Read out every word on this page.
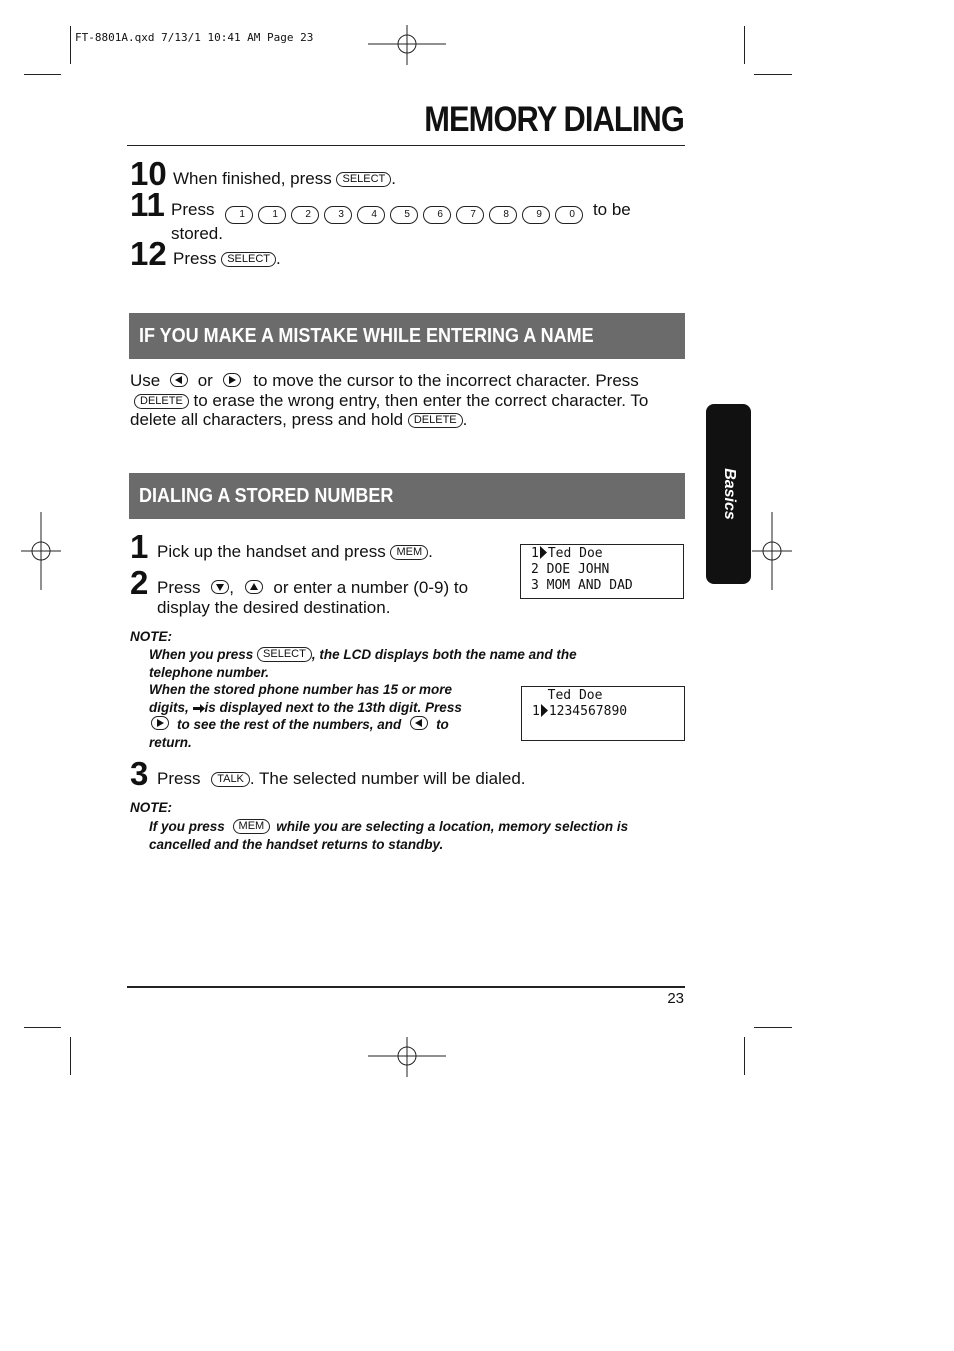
FT-8801A.qxd 7/13/1 10:41 AM Page 23
MEMORY DIALING
10 When finished, press SELECT .
11 Press 1	1	2	3	4	5	6	7	8	9	0 to be
stored.
12 Press SELECT .
IF YOU MAKE A MISTAKE WHILE ENTERING A NAME
Use or to move the cursor to the incorrect character. Press
DELETE to erase the wrong entry, then enter the correct character. To
delete all characters, press and hold DELETE .
DIALING A STORED NUMBER
1 Pick up the handset and press MEM .
2 Press , or enter a number (0-9) to
display the desired destination.
1 Ted Doe
2 DOE JOHN
3 MOM AND DAD
NOTE:
When you press SELECT , the LCD displays both the name and the
telephone number.
When the stored phone number has 15 or more
digits, is displayed next to the 13th digit. Press

to see the rest of the numbers, and	to
return.
Ted Doe
1 1234567890
3 Press TALK . The selected number will be dialed.
NOTE:
If you press MEM while you are selecting a location, memory selection is
cancelled and the handset returns to standby.
Basics
23
